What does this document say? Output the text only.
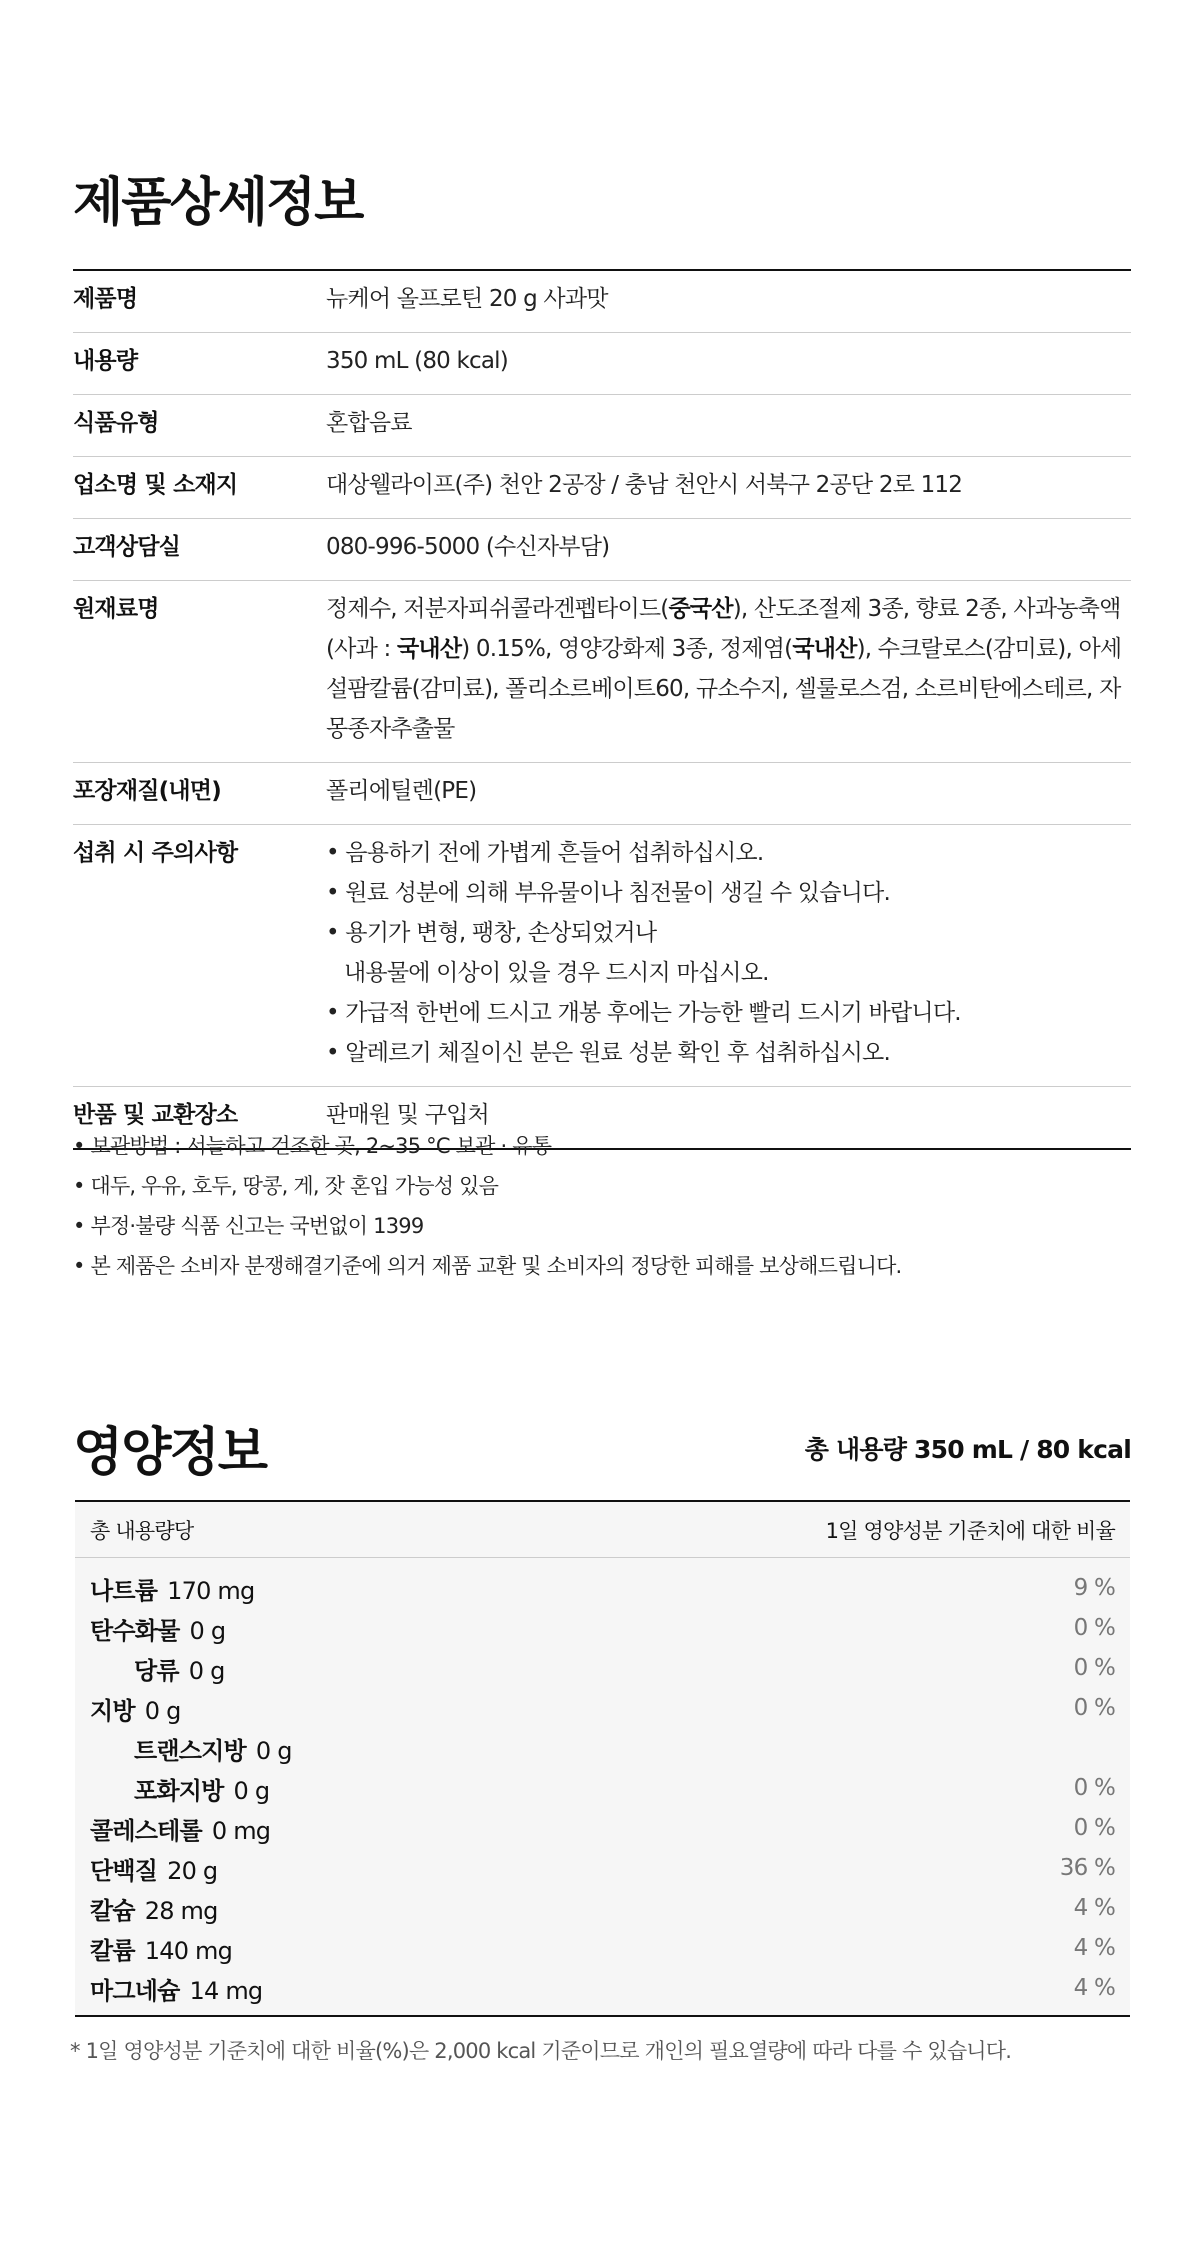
제품상세정보
제품명	뉴케어 올프로틴 20 g 사과맛
내용량	350 mL (80 kcal)
식품유형	혼합음료
업소명 및 소재지	대상웰라이프(주) 천안 2공장 / 충남 천안시 서북구 2공단 2로 112
고객상담실	080-996-5000 (수신자부담)
원재료명	정제수, 저분자피쉬콜라겐펩타이드(중국산), 산도조절제 3종, 향료 2종, 사과농축액(사과 : 국내산) 0.15%, 영양강화제 3종, 정제염(국내산), 수크랄로스(감미료), 아세설팜칼륨(감미료), 폴리소르베이트60, 규소수지, 셀룰로스검, 소르비탄에스테르, 자몽종자추출물
포장재질(내면)	폴리에틸렌(PE)
섭취 시 주의사항	• 음용하기 전에 가볍게 흔들어 섭취하십시오.
• 원료 성분에 의해 부유물이나 침전물이 생길 수 있습니다.
• 용기가 변형, 팽창, 손상되었거나
내용물에 이상이 있을 경우 드시지 마십시오.
• 가급적 한번에 드시고 개봉 후에는 가능한 빨리 드시기 바랍니다.
• 알레르기 체질이신 분은 원료 성분 확인 후 섭취하십시오.
반품 및 교환장소	판매원 및 구입처
• 보관방법 : 서늘하고 건조한 곳, 2~35 °C 보관 · 유통
• 대두, 우유, 호두, 땅콩, 게, 잣 혼입 가능성 있음
• 부정·불량 식품 신고는 국번없이 1399
• 본 제품은 소비자 분쟁해결기준에 의거 제품 교환 및 소비자의 정당한 피해를 보상해드립니다.
영양정보	총 내용량 350 mL / 80 kcal
총 내용량당	1일 영양성분 기준치에 대한 비율
나트륨 170 mg	9 %
탄수화물 0 g	0 %
당류 0 g	0 %
지방 0 g	0 %
트랜스지방 0 g
포화지방 0 g	0 %
콜레스테롤 0 mg	0 %
단백질 20 g	36 %
칼슘 28 mg	4 %
칼륨 140 mg	4 %
마그네슘 14 mg	4 %
* 1일 영양성분 기준치에 대한 비율(%)은 2,000 kcal 기준이므로 개인의 필요열량에 따라 다를 수 있습니다.
